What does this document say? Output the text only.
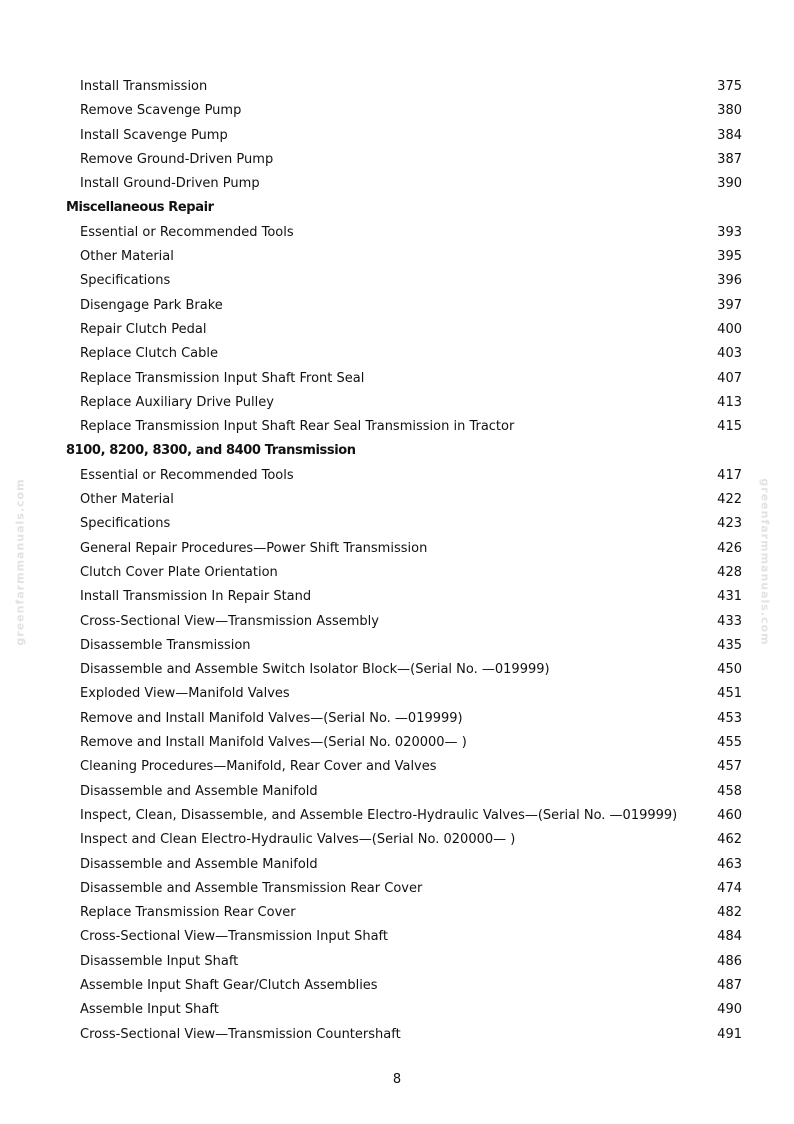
Install Transmission	375
Remove Scavenge Pump	380
Install Scavenge Pump	384
Remove Ground-Driven Pump	387
Install Ground-Driven Pump	390
Miscellaneous Repair
Essential or Recommended Tools	393
Other Material	395
Specifications	396
Disengage Park Brake	397
Repair Clutch Pedal	400
Replace Clutch Cable	403
Replace Transmission Input Shaft Front Seal	407
Replace Auxiliary Drive Pulley	413
Replace Transmission Input Shaft Rear Seal Transmission in Tractor	415
8100, 8200, 8300, and 8400 Transmission
Essential or Recommended Tools	417
Other Material	422
Specifications	423
General Repair Procedures—Power Shift Transmission	426
Clutch Cover Plate Orientation	428
Install Transmission In Repair Stand	431
Cross-Sectional View—Transmission Assembly	433
Disassemble Transmission	435
Disassemble and Assemble Switch Isolator Block—(Serial No. —019999)	450
Exploded View—Manifold Valves	451
Remove and Install Manifold Valves—(Serial No. —019999)	453
Remove and Install Manifold Valves—(Serial No. 020000— )	455
Cleaning Procedures—Manifold, Rear Cover and Valves	457
Disassemble and Assemble Manifold	458
Inspect, Clean, Disassemble, and Assemble Electro-Hydraulic Valves—(Serial No. —019999)	460
Inspect and Clean Electro-Hydraulic Valves—(Serial No. 020000— )	462
Disassemble and Assemble Manifold	463
Disassemble and Assemble Transmission Rear Cover	474
Replace Transmission Rear Cover	482
Cross-Sectional View—Transmission Input Shaft	484
Disassemble Input Shaft	486
Assemble Input Shaft Gear/Clutch Assemblies	487
Assemble Input Shaft	490
Cross-Sectional View—Transmission Countershaft	491
greenfarmmanuals.com	greenfarmmanuals.com
8
